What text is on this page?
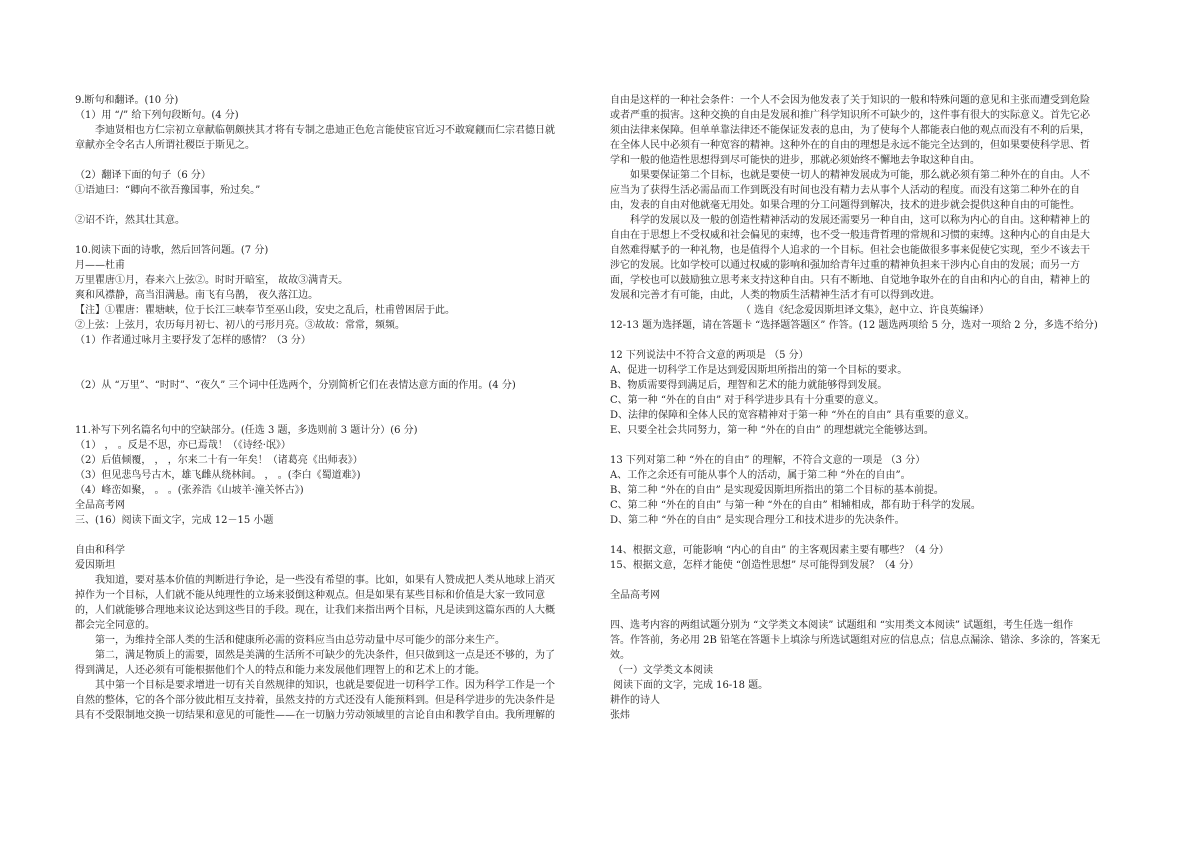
9.断句和翻译。(10 分)
（1）用 “/” 给下列句段断句。(4 分)
李迪贤相也方仁宗初立章献临朝颇挟其才将有专制之患迪正色危言能使宦官近习不敢窥觎而仁宗君德日就
章献亦全令名古人所谓社稷臣于斯见之。
（2）翻译下面的句子（6 分）
①语迪曰：“卿向不欲吾豫国事，殆过矣。”
②诏不许，然其壮其意。
10.阅读下面的诗歌，然后回答问题。(7 分)
月——杜甫
万里瞿唐①月，春来六上弦②。时时开暗室， 故故③满青天。
爽和风襟静，高当泪满悬。南飞有乌鹊， 夜久落江边。
【注】①瞿唐：瞿塘峡，位于长江三峡奉节至巫山段，安史之乱后，杜甫曾困居于此。
②上弦：上弦月，农历每月初七、初八的弓形月亮。③故故：常常，频频。
（1）作者通过咏月主要抒发了怎样的感情？（3 分）
（2）从 “万里”、“时时”、“夜久” 三个词中任选两个，分别简析它们在表情达意方面的作用。(4 分)
11.补写下列名篇名句中的空缺部分。(任选 3 题，多选则前 3 题计分）(6 分)
（1） ， 。反是不思，亦已焉哉！（《诗经·氓》）
（2）后值倾覆， ， ，尔来二十有一年矣！（诸葛亮《出师表》）
（3）但见悲鸟号古木，雄飞雌从绕林间。 ， 。(李白《蜀道难》)
（4）峰峦如聚， 。 。(张养浩《山坡羊·潼关怀古》)
全品高考网
三、(16）阅读下面文字，完成 12－15 小题
自由和科学
爱因斯坦
我知道，要对基本价值的判断进行争论，是一些没有希望的事。比如，如果有人赞成把人类从地球上消灭
掉作为一个目标，人们就不能从纯理性的立场来驳倒这种观点。但是如果有某些目标和价值是大家一致同意
的，人们就能够合理地来议论达到这些目的手段。现在，让我们来指出两个目标，凡是读到这篇东西的人大概
都会完全同意的。
第一，为维持全部人类的生活和健康所必需的资料应当由总劳动量中尽可能少的部分来生产。
第二，满足物质上的需要，固然是美满的生活所不可缺少的先决条件，但只做到这一点是还不够的，为了
得到满足，人还必须有可能根据他们个人的特点和能力来发展他们理智上的和艺术上的才能。
其中第一个目标是要求增进一切有关自然规律的知识，也就是要促进一切科学工作。因为科学工作是一个
自然的整体，它的各个部分彼此相互支持着，虽然支持的方式还没有人能预料到。但是科学进步的先决条件是
具有不受限制地交换一切结果和意见的可能性——在一切脑力劳动领域里的言论自由和教学自由。我所理解的
自由是这样的一种社会条件：一个人不会因为他发表了关于知识的一般和特殊问题的意见和主张而遭受到危险
或者严重的损害。这种交换的自由是发展和推广科学知识所不可缺少的，这件事有很大的实际意义。首先它必
须由法律来保障。但单单靠法律还不能保证发表的息由，为了使每个人都能表白他的观点而没有不利的后果，
在全体人民中必须有一种宽容的精神。这种外在的自由的理想是永远不能完全达到的，但如果要使科学思、哲
学和一般的他造性思想得到尽可能快的进步，那就必须始终不懈地去争取这种自由。
如果要保证第二个目标，也就是要使一切人的精神发展成为可能，那么就必须有第二种外在的自由。人不
应当为了获得生活必需品而工作到既没有时间也没有精力去从事个人活动的程度。而没有这第二种外在的自
由，发表的自由对他就毫无用处。如果合理的分工问题得到解决，技术的进步就会提供这种自由的可能性。
科学的发展以及一般的创造性精神活动的发展还需要另一种自由，这可以称为内心的自由。这种精神上的
自由在于思想上不受权威和社会偏见的束缚，也不受一般违背哲理的常规和习惯的束缚。这种内心的自由是大
自然难得赋予的一种礼物，也是值得个人追求的一个目标。但社会也能做很多事来促使它实现，至少不该去干
涉它的发展。比如学校可以通过权威的影响和强加给青年过重的精神负担来干涉内心自由的发展；而另一方
面，学校也可以鼓励独立思考来支持这种自由。只有不断地、自觉地争取外在的自由和内心的自由，精神上的
发展和完善才有可能，由此，人类的物质生活精神生活才有可以得到改进。
（ 选自《纪念爱因斯坦译文集》，赵中立、许良英编译）
12-13 题为选择题，请在答题卡 “选择题答题区” 作答。(12 题选两项给 5 分，选对一项给 2 分，多选不给分)
12 下列说法中不符合文意的两项是 （5 分）
A、促进一切科学工作是达到爱因斯坦所指出的第一个目标的要求。
B、物质需要得到满足后，理智和艺术的能力就能够得到发展。
C、第一种 “外在的自由” 对于科学进步具有十分重要的意义。
D、法律的保障和全体人民的宽容精神对于第一种 “外在的自由” 具有重要的意义。
E、只要全社会共同努力，第一种 “外在的自由” 的理想就完全能够达到。
13 下列对第二种 “外在的自由” 的理解，不符合文意的一项是 （3 分）
A、工作之余还有可能从事个人的活动，属于第二种 “外在的自由”。
B、第二种 “外在的自由” 是实现爱因斯坦所指出的第二个目标的基本前提。
C、第二种 “外在的自由” 与第一种 “外在的自由” 相辅相成，都有助于科学的发展。
D、第二种 “外在的自由” 是实现合理分工和技术进步的先决条件。
14、根据文意，可能影响 “内心的自由” 的主客观因素主要有哪些？（4 分）
15、根据文意，怎样才能使 “创造性思想” 尽可能得到发展？（4 分）
全品高考网
四、选考内容的两组试题分别为 “文学类文本阅读” 试题组和 “实用类文本阅读” 试题组，考生任选一组作
答。作答前，务必用 2B 铅笔在答题卡上填涂与所选试题组对应的信息点；信息点漏涂、错涂、多涂的，答案无
效。
（一）文学类文本阅读
阅读下面的文字，完成 16-18 题。
耕作的诗人
张炜
